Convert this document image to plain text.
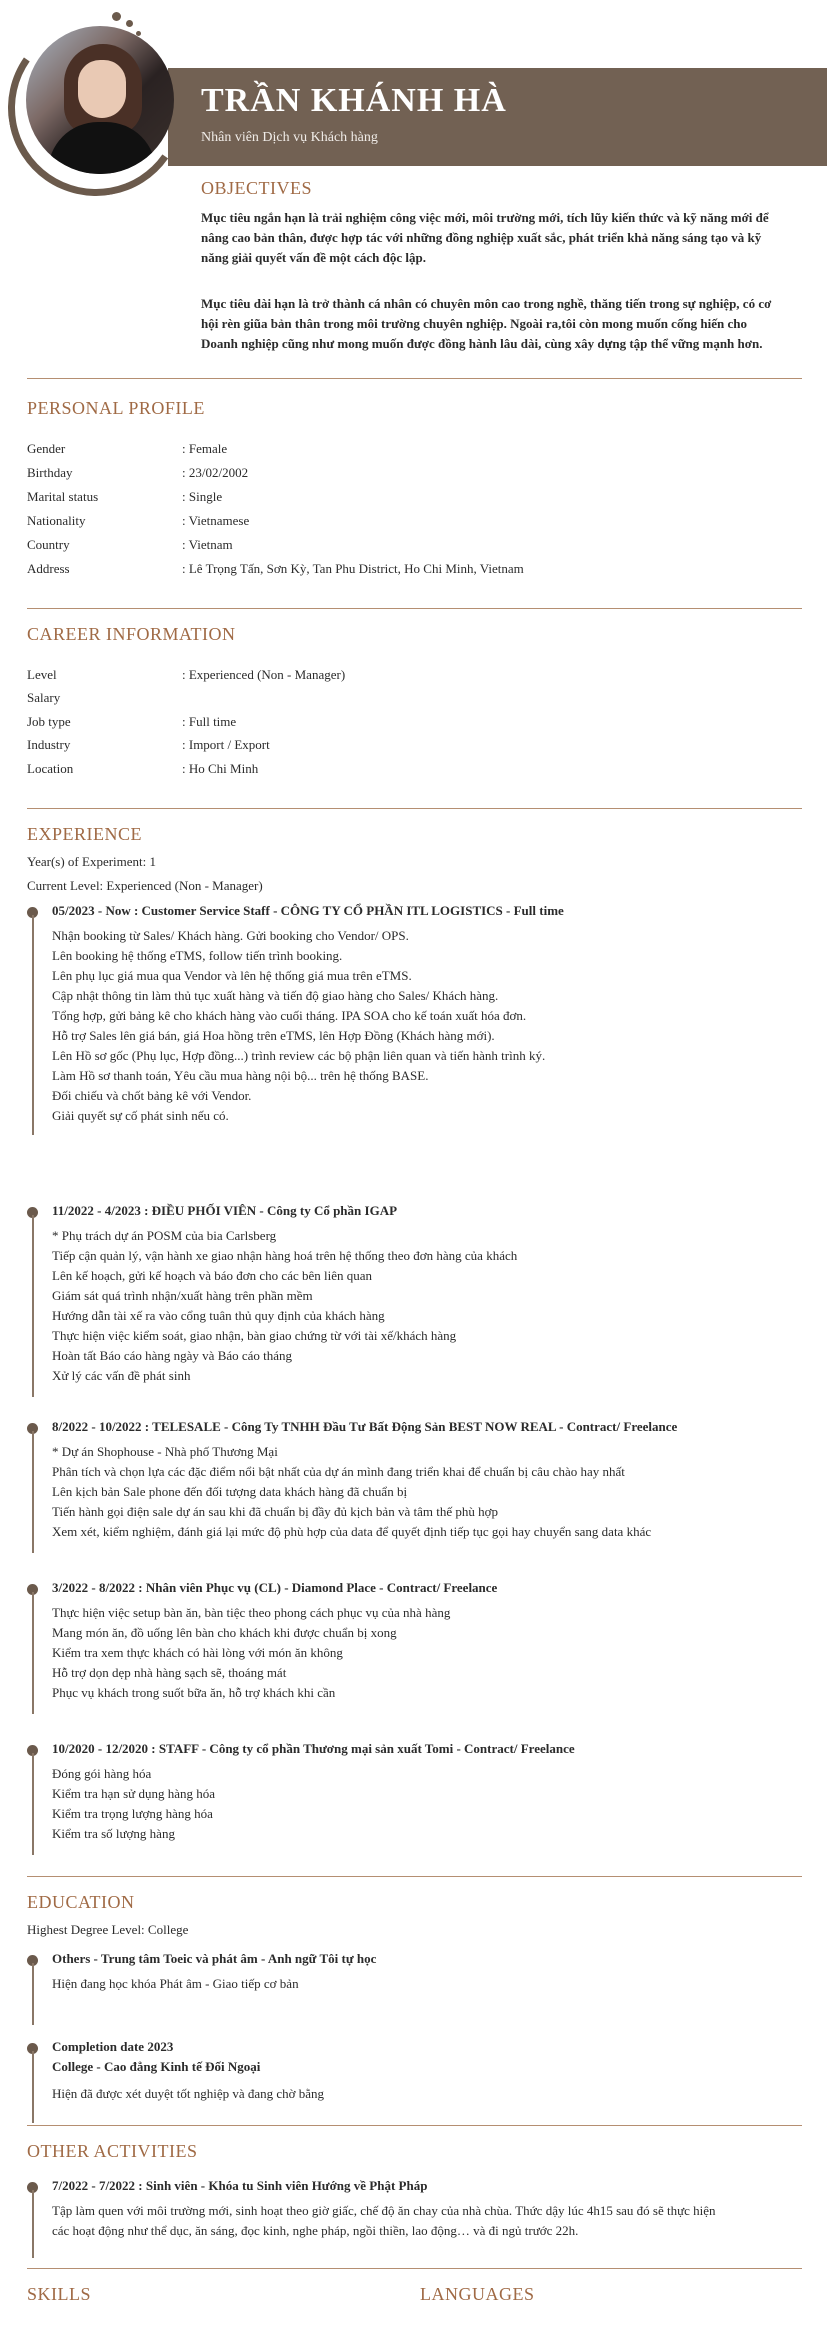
TRẦN KHÁNH HÀ
Nhân viên Dịch vụ Khách hàng
OBJECTIVES
Mục tiêu ngắn hạn là trải nghiệm công việc mới, môi trường mới, tích lũy kiến thức và kỹ năng mới để nâng cao bản thân, được hợp tác với những đồng nghiệp xuất sắc, phát triển khả năng sáng tạo và kỹ năng giải quyết vấn đề một cách độc lập.
Mục tiêu dài hạn là trở thành cá nhân có chuyên môn cao trong nghề, thăng tiến trong sự nghiệp, có cơ hội rèn giũa bản thân trong môi trường chuyên nghiệp. Ngoài ra,tôi còn mong muốn cống hiến cho Doanh nghiệp cũng như mong muốn được đồng hành lâu dài, cùng xây dựng tập thể vững mạnh hơn.
PERSONAL PROFILE
Gender	: Female
Birthday	: 23/02/2002
Marital status	: Single
Nationality	: Vietnamese
Country	: Vietnam
Address	: Lê Trọng Tấn, Sơn Kỳ, Tan Phu District, Ho Chi Minh, Vietnam
CAREER INFORMATION
Level	: Experienced (Non - Manager)
Salary
Job type	: Full time
Industry	: Import / Export
Location	: Ho Chi Minh
EXPERIENCE
Year(s) of Experiment: 1
Current Level: Experienced (Non - Manager)
05/2023 - Now : Customer Service Staff - CÔNG TY CỔ PHẦN ITL LOGISTICS - Full time
Nhận booking từ Sales/ Khách hàng. Gửi booking cho Vendor/ OPS.
Lên booking hệ thống eTMS, follow tiến trình booking.
Lên phụ lục giá mua qua Vendor và lên hệ thống giá mua trên eTMS.
Cập nhật thông tin làm thủ tục xuất hàng và tiến độ giao hàng cho Sales/ Khách hàng.
Tổng hợp, gửi bảng kê cho khách hàng vào cuối tháng. IPA SOA cho kế toán xuất hóa đơn.
Hỗ trợ Sales lên giá bán, giá Hoa hồng trên eTMS, lên Hợp Đồng (Khách hàng mới).
Lên Hồ sơ gốc (Phụ lục, Hợp đồng...) trình review các bộ phận liên quan và tiến hành trình ký.
Làm Hồ sơ thanh toán, Yêu cầu mua hàng nội bộ... trên hệ thống BASE.
Đối chiếu và chốt bảng kê với Vendor.
Giải quyết sự cố phát sinh nếu có.
11/2022 - 4/2023 : ĐIỀU PHỐI VIÊN - Công ty Cổ phần IGAP
* Phụ trách dự án POSM của bia Carlsberg
Tiếp cận quản lý, vận hành xe giao nhận hàng hoá trên hệ thống theo đơn hàng của khách
Lên kế hoạch, gửi kế hoạch và báo đơn cho các bên liên quan
Giám sát quá trình nhận/xuất hàng trên phần mềm
Hướng dẫn tài xế ra vào cổng tuân thủ quy định của khách hàng
Thực hiện việc kiểm soát, giao nhận, bàn giao chứng từ với tài xế/khách hàng
Hoàn tất Báo cáo hàng ngày và Báo cáo tháng
Xử lý các vấn đề phát sinh
8/2022 - 10/2022 : TELESALE - Công Ty TNHH Đầu Tư Bất Động Sản BEST NOW REAL - Contract/ Freelance
* Dự án Shophouse - Nhà phố Thương Mại
Phân tích và chọn lựa các đặc điểm nổi bật nhất của dự án mình đang triển khai để chuẩn bị câu chào hay nhất
Lên kịch bản Sale phone đến đối tượng data khách hàng đã chuẩn bị
Tiến hành gọi điện sale dự án sau khi đã chuẩn bị đầy đủ kịch bản và tâm thế phù hợp
Xem xét, kiểm nghiệm, đánh giá lại mức độ phù hợp của data để quyết định tiếp tục gọi hay chuyển sang data khác
3/2022 - 8/2022 : Nhân viên Phục vụ (CL) - Diamond Place - Contract/ Freelance
Thực hiện việc setup bàn ăn, bàn tiệc theo phong cách phục vụ của nhà hàng
Mang món ăn, đồ uống lên bàn cho khách khi được chuẩn bị xong
Kiểm tra xem thực khách có hài lòng với món ăn không
Hỗ trợ dọn dẹp nhà hàng sạch sẽ, thoáng mát
Phục vụ khách trong suốt bữa ăn, hỗ trợ khách khi cần
10/2020 - 12/2020 : STAFF - Công ty cổ phần Thương mại sản xuất Tomi - Contract/ Freelance
Đóng gói hàng hóa
Kiểm tra hạn sử dụng hàng hóa
Kiểm tra trọng lượng hàng hóa
Kiểm tra số lượng hàng
EDUCATION
Highest Degree Level: College
Others - Trung tâm Toeic và phát âm - Anh ngữ Tôi tự học
Hiện đang học khóa Phát âm - Giao tiếp cơ bản
Completion date 2023
College - Cao đẳng Kinh tế Đối Ngoại
Hiện đã được xét duyệt tốt nghiệp và đang chờ bằng
OTHER ACTIVITIES
7/2022 - 7/2022 : Sinh viên - Khóa tu Sinh viên Hướng về Phật Pháp
Tập làm quen với môi trường mới, sinh hoạt theo giờ giấc, chế độ ăn chay của nhà chùa. Thức dậy lúc 4h15 sau đó sẽ thực hiện
các hoạt động như thể dục, ăn sáng, đọc kinh, nghe pháp, ngồi thiền, lao động… và đi ngủ trước 22h.
SKILLS	LANGUAGES
